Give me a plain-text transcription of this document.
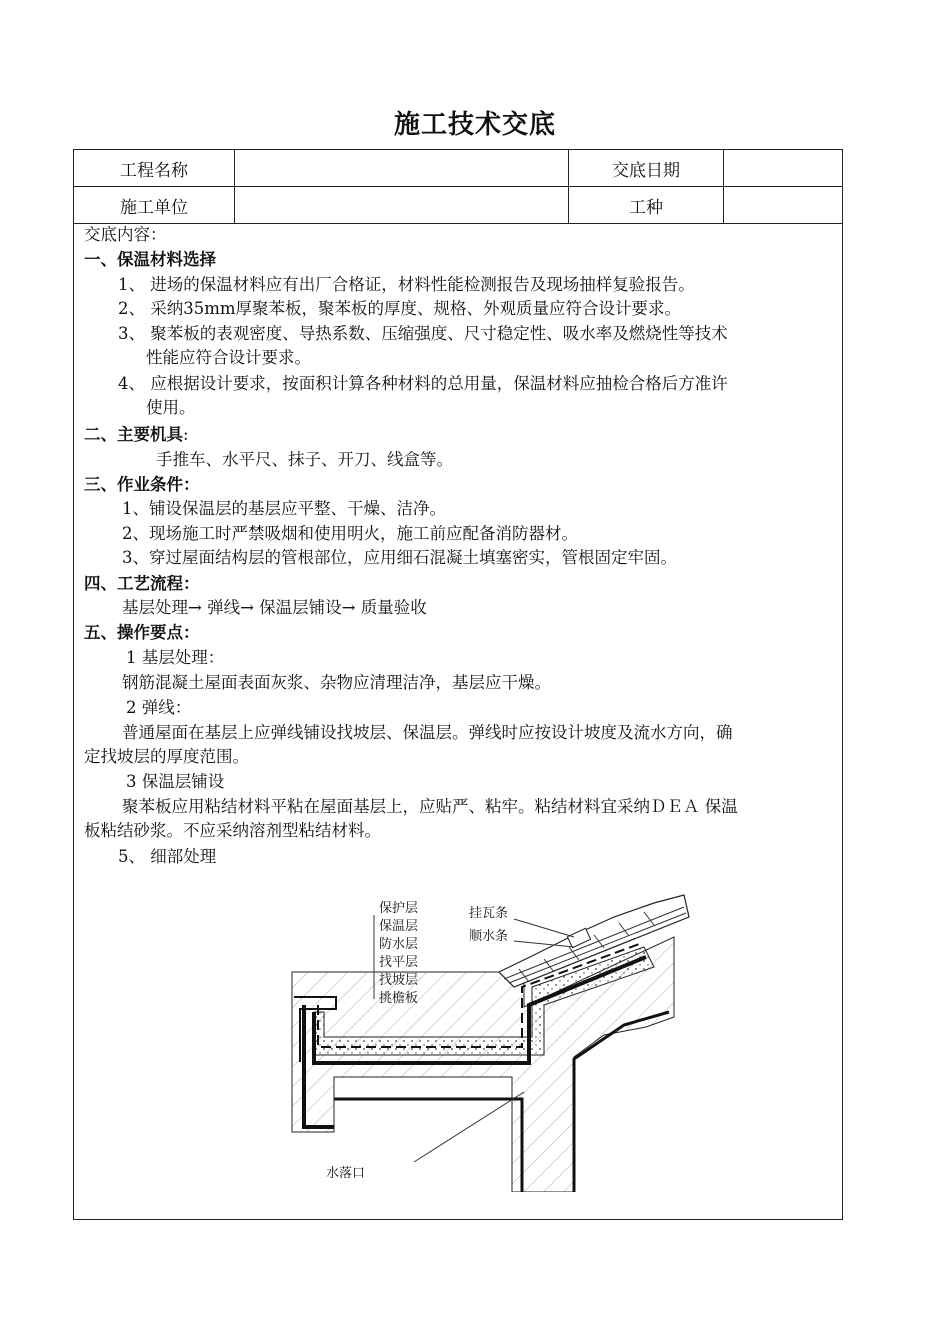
施工技术交底
工程名称		交底日期	
施工单位		工种	
交底内容：
一、保温材料选择
1、 进场的保温材料应有出厂合格证，材料性能检测报告及现场抽样复验报告。
2、 采纳35mm厚聚苯板，聚苯板的厚度、规格、外观质量应符合设计要求。
3、 聚苯板的表观密度、导热系数、压缩强度、尺寸稳定性、吸水率及燃烧性等技术
性能应符合设计要求。
4、 应根据设计要求，按面积计算各种材料的总用量，保温材料应抽检合格后方准许
使用。
二、主要机具:
手推车、水平尺、抹子、开刀、线盒等。
三、作业条件：
1、铺设保温层的基层应平整、干燥、洁净。
2、现场施工时严禁吸烟和使用明火，施工前应配备消防器材。
3、穿过屋面结构层的管根部位，应用细石混凝土填塞密实，管根固定牢固。
四、工艺流程：
基层处理→ 弹线→ 保温层铺设→ 质量验收
五、操作要点：
1 基层处理：
钢筋混凝土屋面表面灰浆、杂物应清理洁净，基层应干燥。
2 弹线：
普通屋面在基层上应弹线铺设找坡层、保温层。弹线时应按设计坡度及流水方向，确
定找坡层的厚度范围。
3 保温层铺设
聚苯板应用粘结材料平粘在屋面基层上，应贴严、粘牢。粘结材料宜采纳ＤＥＡ 保温
板粘结砂浆。不应采纳溶剂型粘结材料。
5、 细部处理
保护层
保温层
防水层
找平层
找坡层
挑檐板
挂瓦条
顺水条
水落口
